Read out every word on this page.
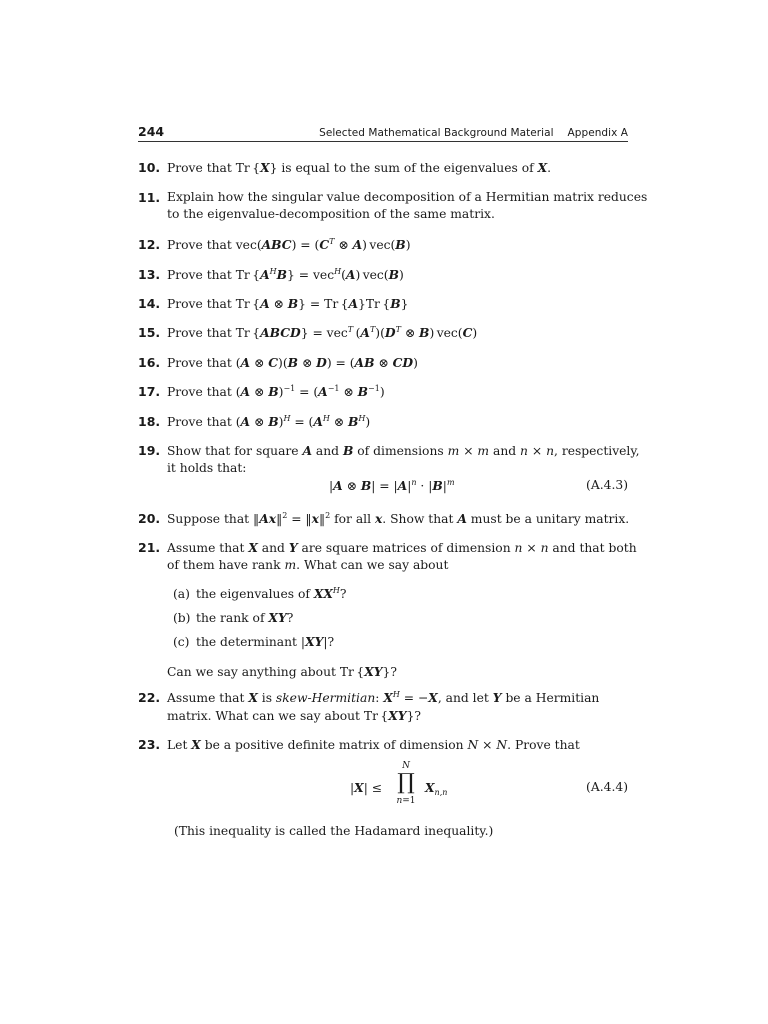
244	Selected Mathematical Background Material Appendix A
10. Prove that Tr {X} is equal to the sum of the eigenvalues of X.
11. Explain how the singular value decomposition of a Hermitian matrix reduces
to the eigenvalue-decomposition of the same matrix.
12. Prove that $vec(ABC) = (C^T$ ⊗ A) vec(B)
13. Prove that Tr $\{A^HB\} = vec^H(A)$ vec(B)
14. Prove that Tr {A ⊗ B} = Tr {A}Tr {B}
15. Prove that Tr {ABCD} = vec$^T$ $(A^T)(D^T$ ⊗ B) vec(C)
16. Prove that (A ⊗ C)(B ⊗ D) = (AB ⊗ CD)
17. Prove that (A ⊗ $B)^{-1} = (A^{-1}$ ⊗ $B^{-1}$)
18. Prove that (A ⊗ $B)^H = (A^H$ ⊗ $B^H$)
19. Show that for square A and B of dimensions m × m and n × n, respectively,
it holds that:
|A ⊗ $B| = |A|^n \cdot |B|^m$	(A.4.3)
20. Suppose that ‖Ax‖$^2$ = ‖x‖$^2$ for all x. Show that A must be a unitary matrix.
21. Assume that X and Y are square matrices of dimension n × n and that both
of them have rank m. What can we say about
(a) the eigenvalues of $XX^H$?
(b) the rank of XY?
(c) the determinant |XY|?
Can we say anything about Tr {XY}?
22. Assume that X is skew-Hermitian: $X^H = -X$, and let Y be a Hermitian
matrix. What can we say about Tr {XY}?
23. Let X be a positive definite matrix of dimension N × N. Prove that
|X| ≤
N
∏
n=1
$X_{n,n}$	(A.4.4)
(This inequality is called the Hadamard inequality.)
